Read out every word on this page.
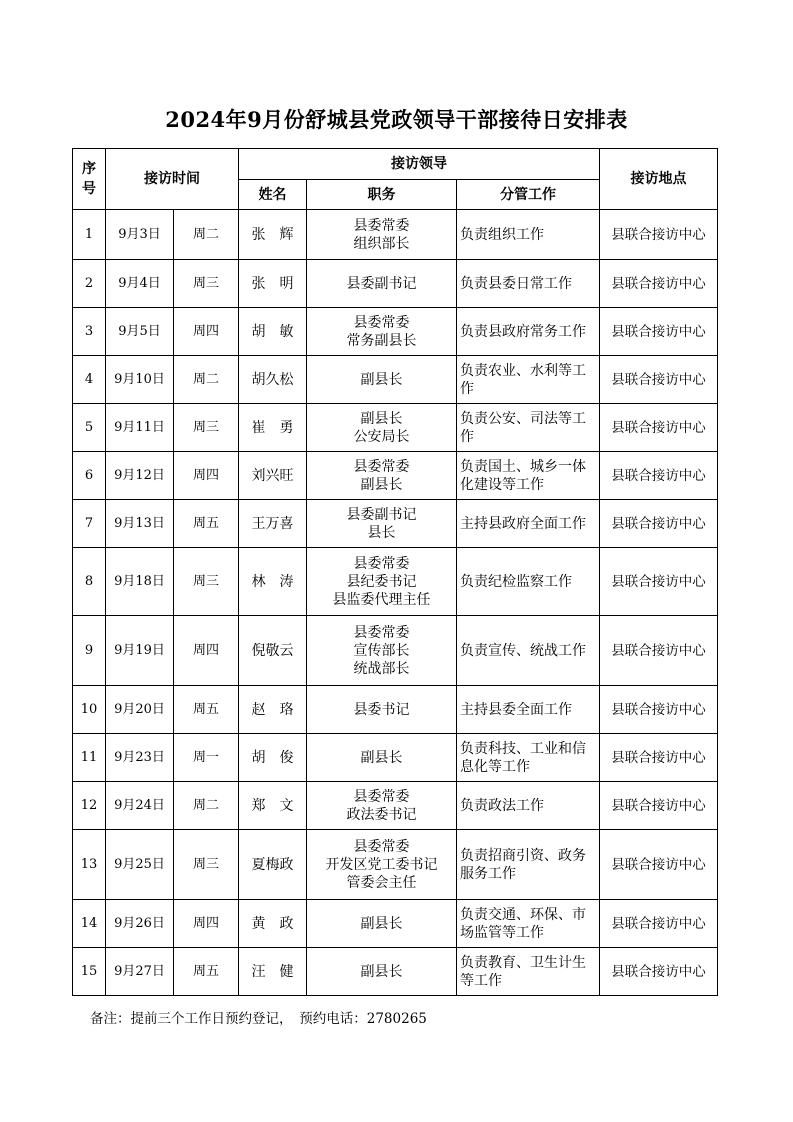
2024年9月份舒城县党政领导干部接待日安排表
序号	接访时间		接访领导			接访地点
			姓名	职务	分管工作	
1	9月3日	周二	张　辉	县委常委
组织部长	负责组织工作	县联合接访中心
2	9月4日	周三	张　明	县委副书记	负责县委日常工作	县联合接访中心
3	9月5日	周四	胡　敏	县委常委
常务副县长	负责县政府常务工作	县联合接访中心
4	9月10日	周二	胡久松	副县长	负责农业、水利等工作	县联合接访中心
5	9月11日	周三	崔　勇	副县长
公安局长	负责公安、司法等工作	县联合接访中心
6	9月12日	周四	刘兴旺	县委常委
副县长	负责国土、城乡一体化建设等工作	县联合接访中心
7	9月13日	周五	王万喜	县委副书记
县长	主持县政府全面工作	县联合接访中心
8	9月18日	周三	林　涛	县委常委
县纪委书记
县监委代理主任	负责纪检监察工作	县联合接访中心
9	9月19日	周四	倪敬云	县委常委
宣传部长
统战部长	负责宣传、统战工作	县联合接访中心
10	9月20日	周五	赵　珞	县委书记	主持县委全面工作	县联合接访中心
11	9月23日	周一	胡　俊	副县长	负责科技、工业和信息化等工作	县联合接访中心
12	9月24日	周二	郑　文	县委常委
政法委书记	负责政法工作	县联合接访中心
13	9月25日	周三	夏梅政	县委常委
开发区党工委书记
管委会主任	负责招商引资、政务服务工作	县联合接访中心
14	9月26日	周四	黄　政	副县长	负责交通、环保、市场监管等工作	县联合接访中心
15	9月27日	周五	汪　健	副县长	负责教育、卫生计生等工作	县联合接访中心
备注：提前三个工作日预约登记，　预约电话：2780265
